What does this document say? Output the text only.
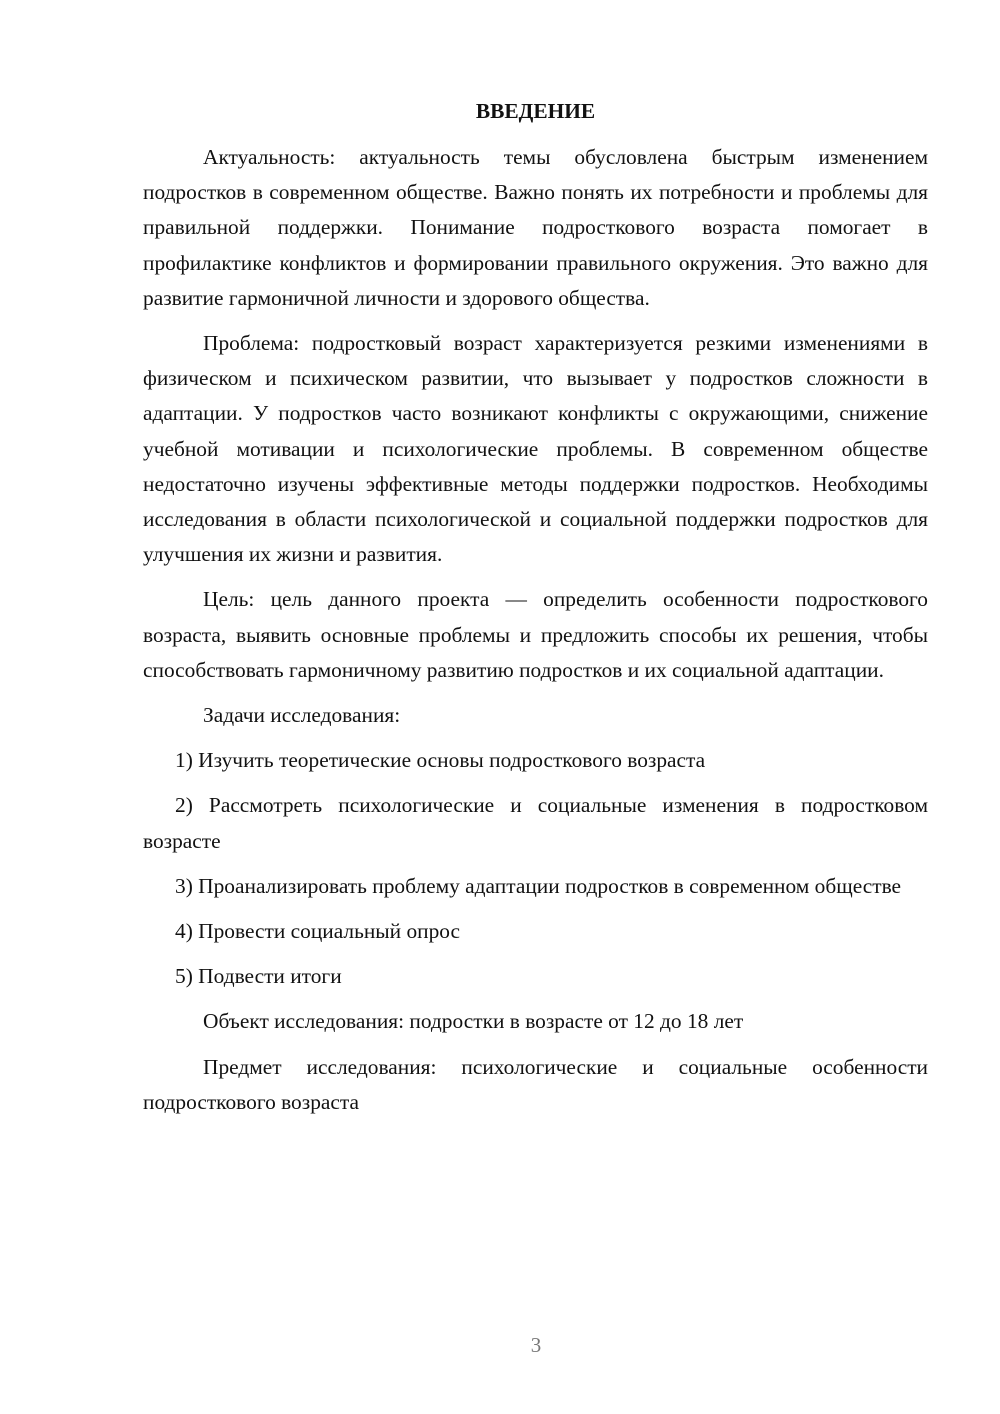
ВВЕДЕНИЕ

Актуальность: актуальность темы обусловлена быстрым изменением подростков в современном обществе. Важно понять их потребности и проблемы для правильной поддержки. Понимание подросткового возраста помогает в профилактике конфликтов и формировании правильного окружения. Это важно для развитие гармоничной личности и здорового общества.

Проблема: подростковый возраст характеризуется резкими изменениями в физическом и психическом развитии, что вызывает у подростков сложности в адаптации. У подростков часто возникают конфликты с окружающими, снижение учебной мотивации и психологические проблемы. В современном обществе недостаточно изучены эффективные методы поддержки подростков. Необходимы исследования в области психологической и социальной поддержки подростков для улучшения их жизни и развития.

Цель: цель данного проекта — определить особенности подросткового возраста, выявить основные проблемы и предложить способы их решения, чтобы способствовать гармоничному развитию подростков и их социальной адаптации.

Задачи исследования:

1) Изучить теоретические основы подросткового возраста

2) Рассмотреть психологические и социальные изменения в подростковом возрасте

3) Проанализировать проблему адаптации подростков в современном обществе

4) Провести социальный опрос

5) Подвести итоги

Объект исследования: подростки в возрасте от 12 до 18 лет

Предмет исследования: психологические и социальные особенности подросткового возраста

3
